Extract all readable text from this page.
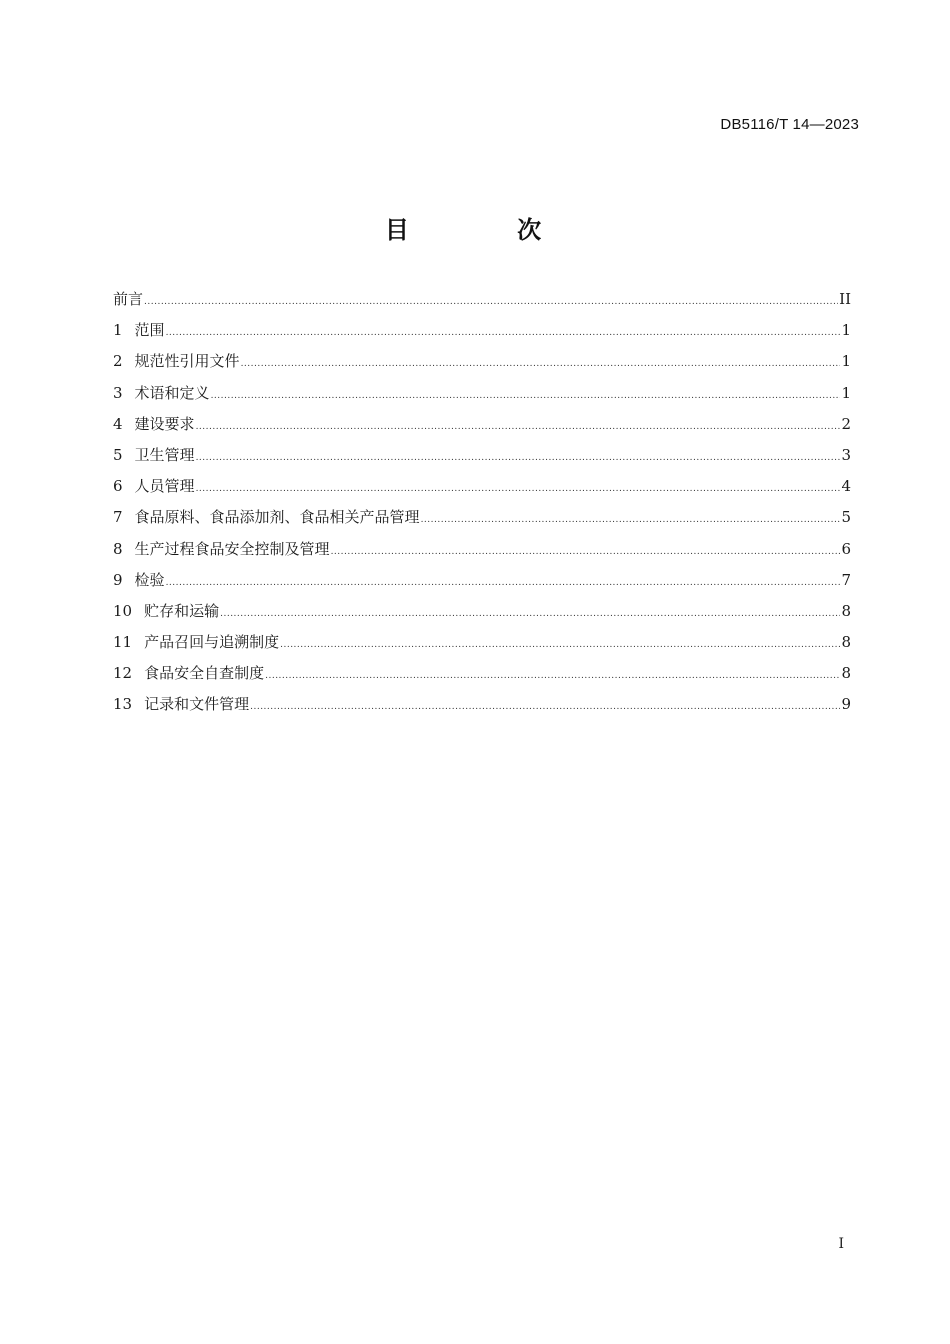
DB5116/T 14—2023
目 次
前言 .....	II
1 范围 .....	1
2 规范性引用文件 .....	1
3 术语和定义 .....	1
4 建设要求 .....	2
5 卫生管理 .....	3
6 人员管理 .....	4
7 食品原料、食品添加剂、食品相关产品管理 .....	5
8 生产过程食品安全控制及管理 .....	6
9 检验 .....	7
10 贮存和运输 .....	8
11 产品召回与追溯制度 .....	8
12 食品安全自查制度 .....	8
13 记录和文件管理 .....	9
I
